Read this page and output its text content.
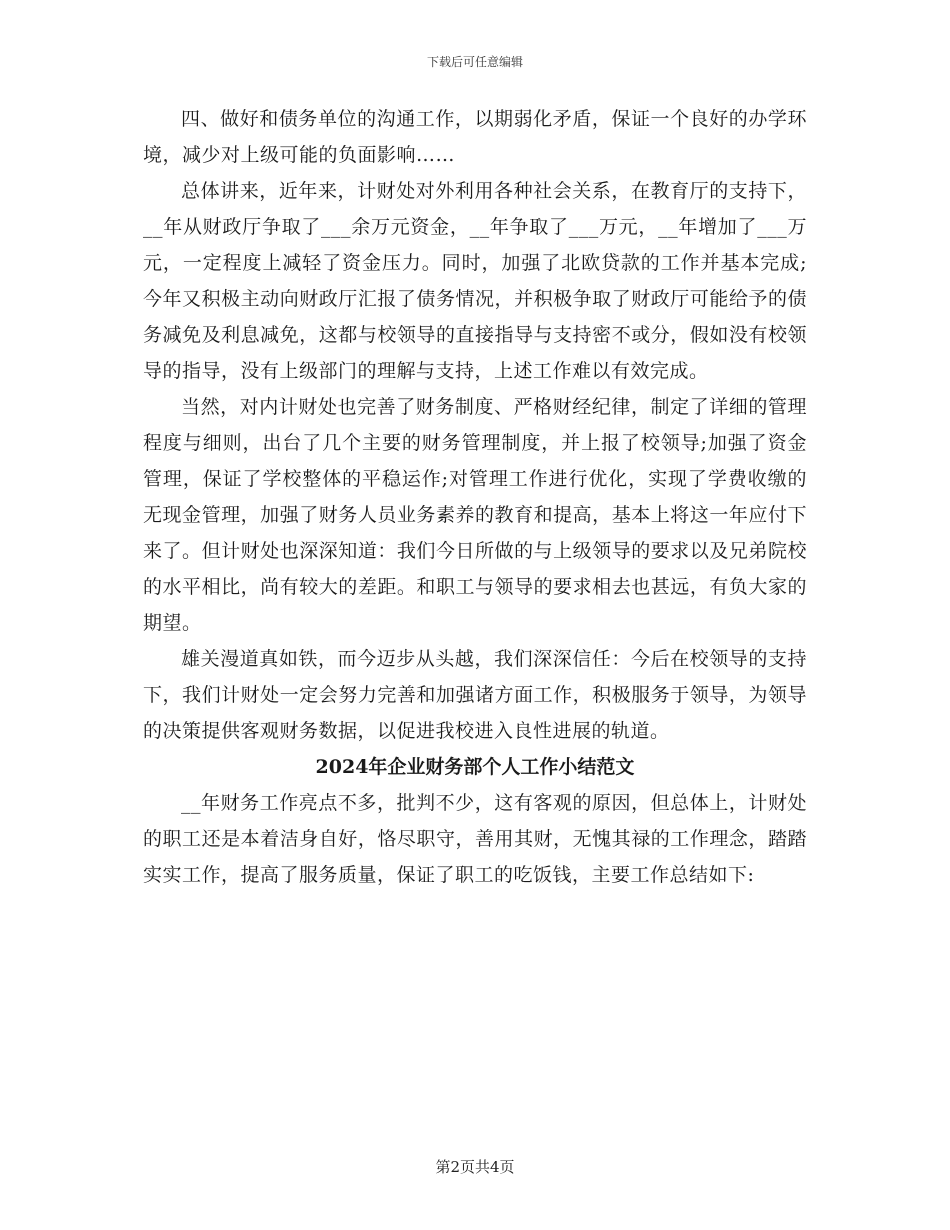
下载后可任意编辑

四、做好和债务单位的沟通工作，以期弱化矛盾，保证一个良好的办学环境，减少对上级可能的负面影响……

总体讲来，近年来，计财处对外利用各种社会关系，在教育厅的支持下，__年从财政厅争取了___余万元资金，__年争取了___万元，__年增加了___万元，一定程度上减轻了资金压力。同时，加强了北欧贷款的工作并基本完成;今年又积极主动向财政厅汇报了债务情况，并积极争取了财政厅可能给予的债务减免及利息减免，这都与校领导的直接指导与支持密不或分，假如没有校领导的指导，没有上级部门的理解与支持，上述工作难以有效完成。

当然，对内计财处也完善了财务制度、严格财经纪律，制定了详细的管理程度与细则，出台了几个主要的财务管理制度，并上报了校领导;加强了资金管理，保证了学校整体的平稳运作;对管理工作进行优化，实现了学费收缴的无现金管理，加强了财务人员业务素养的教育和提高，基本上将这一年应付下来了。但计财处也深深知道：我们今日所做的与上级领导的要求以及兄弟院校的水平相比，尚有较大的差距。和职工与领导的要求相去也甚远，有负大家的期望。

雄关漫道真如铁，而今迈步从头越，我们深深信任：今后在校领导的支持下，我们计财处一定会努力完善和加强诸方面工作，积极服务于领导，为领导的决策提供客观财务数据，以促进我校进入良性进展的轨道。

2024年企业财务部个人工作小结范文

__年财务工作亮点不多，批判不少，这有客观的原因，但总体上，计财处的职工还是本着洁身自好，恪尽职守，善用其财，无愧其禄的工作理念，踏踏实实工作，提高了服务质量，保证了职工的吃饭钱，主要工作总结如下:

第2页共4页
